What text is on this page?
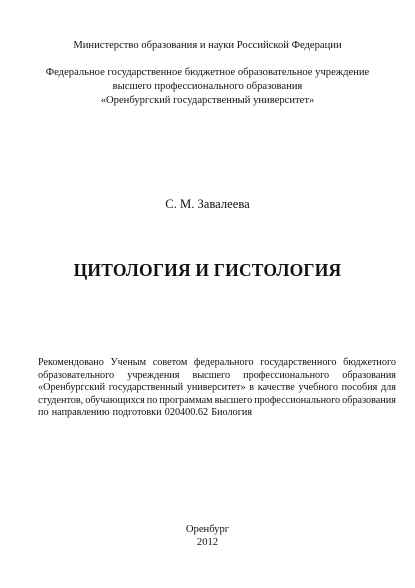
Министерство образования и науки Российской Федерации
Федеральное государственное бюджетное образовательное учреждение
высшего профессионального образования
«Оренбургский государственный университет»
С. М. Завалеева
ЦИТОЛОГИЯ И ГИСТОЛОГИЯ
Рекомендовано Ученым советом федерального государственного бюджетного
образовательного учреждения высшего профессионального образования
«Оренбургский государственный университет» в качестве учебного пособия для
студентов, обучающихся по программам высшего профессионального образования
по направлению подготовки 020400.62 Биология
Оренбург
2012
